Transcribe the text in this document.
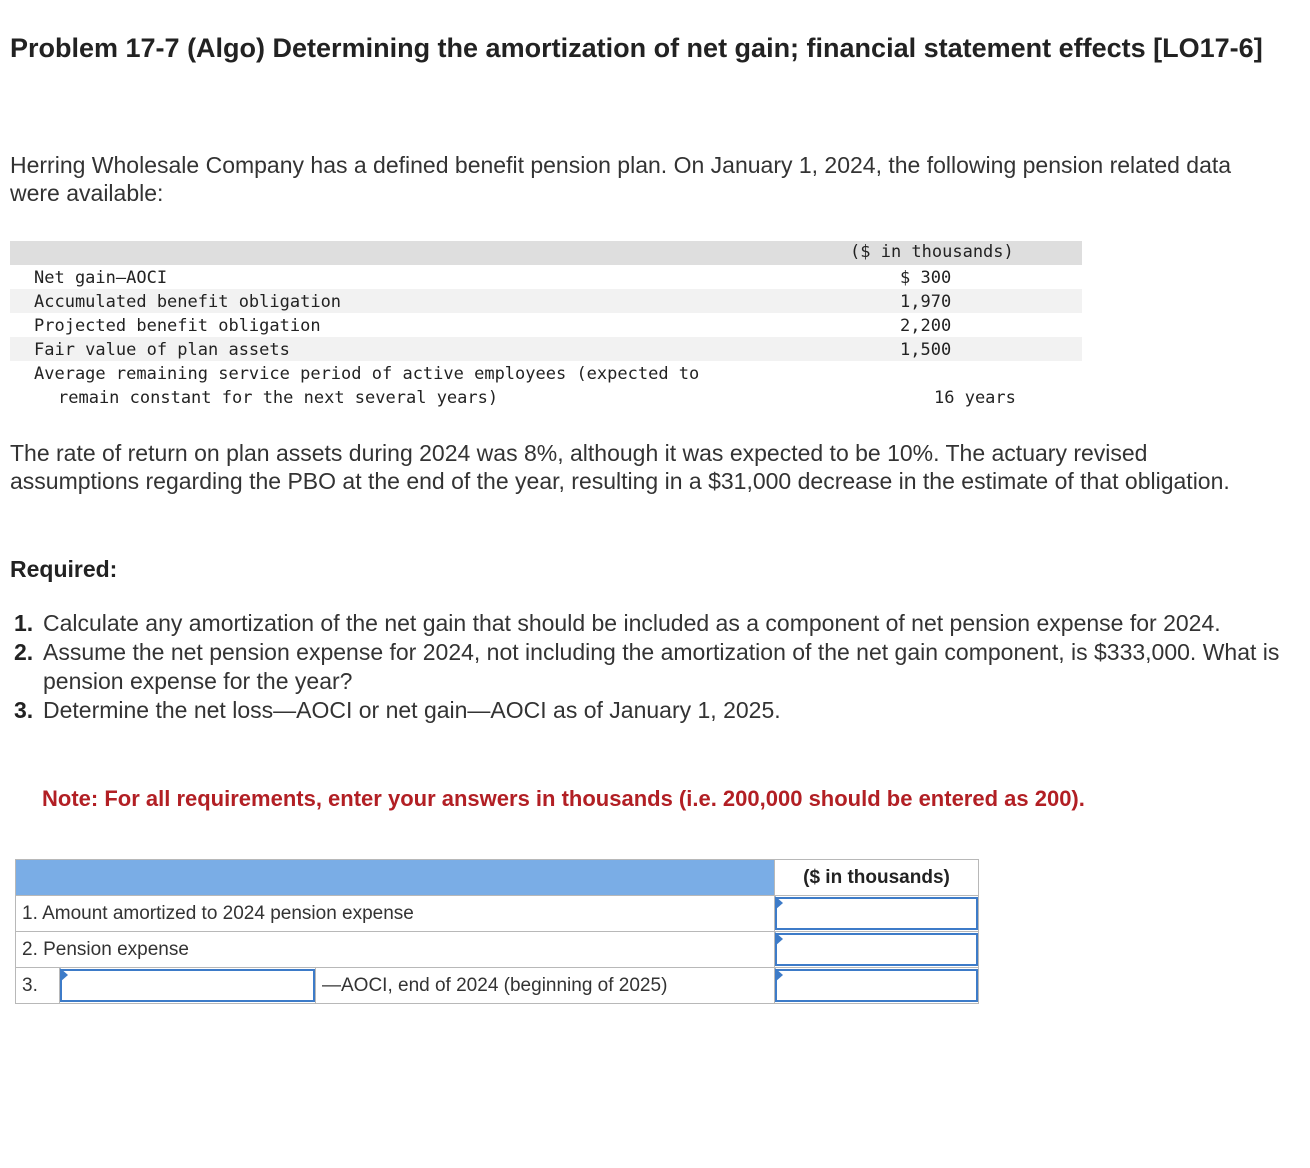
Problem 17-7 (Algo) Determining the amortization of net gain; financial statement effects [LO17-6]

Herring Wholesale Company has a defined benefit pension plan. On January 1, 2024, the following pension related data were available:

($ in thousands)
Net gain—AOCI	$ 300
Accumulated benefit obligation	1,970
Projected benefit obligation	2,200
Fair value of plan assets	1,500
Average remaining service period of active employees (expected to
remain constant for the next several years)	16 years

The rate of return on plan assets during 2024 was 8%, although it was expected to be 10%. The actuary revised assumptions regarding the PBO at the end of the year, resulting in a $31,000 decrease in the estimate of that obligation.

Required:

1. Calculate any amortization of the net gain that should be included as a component of net pension expense for 2024.
2. Assume the net pension expense for 2024, not including the amortization of the net gain component, is $333,000. What is pension expense for the year?
3. Determine the net loss—AOCI or net gain—AOCI as of January 1, 2025.
Note: For all requirements, enter your answers in thousands (i.e. 200,000 should be entered as 200).
			($ in thousands)
1. Amount amortized to 2024 pension expense	

2. Pension expense	

3.		—AOCI, end of 2024 (beginning of 2025)	
